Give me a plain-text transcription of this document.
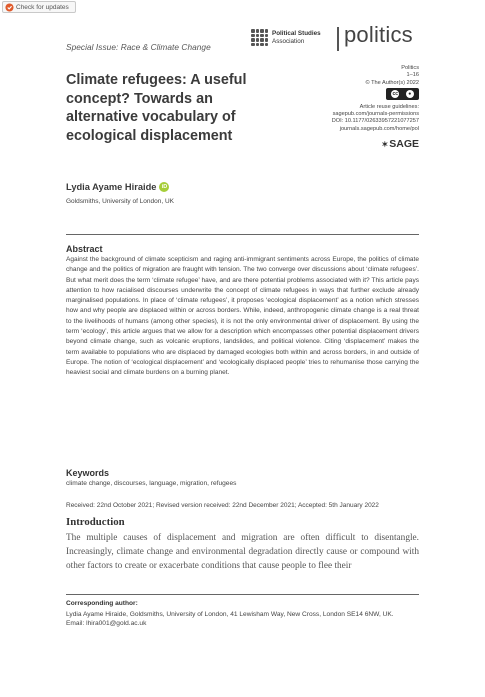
Check for updates
Special Issue: Race & Climate Change
Political Studies
Association	politics
Politics
1–16
© The Author(s) 2022
cc	●
Article reuse guidelines:
sagepub.com/journals-permissions
DOI: 10.1177/02633957221077257
journals.sagepub.com/home/pol
✶ SAGE
Climate refugees: A useful concept? Towards an alternative vocabulary of ecological displacement
Lydia Ayame Hiraide iD
Goldsmiths, University of London, UK
Abstract
Against the background of climate scepticism and raging anti-immigrant sentiments across Europe, the politics of climate change and the politics of migration are fraught with tension. The two converge over discussions about ‘climate refugees’. But what merit does the term ‘climate refugee’ have, and are there potential problems associated with it? This article pays attention to how racialised discourses underwrite the concept of climate refugees in ways that further exclude already marginalised populations. In place of ‘climate refugees’, it proposes ‘ecological displacement’ as a notion which stresses how and why people are displaced within or across borders. While, indeed, anthropogenic climate change is a real threat to the livelihoods of humans (among other species), it is not the only environmental driver of displacement. By using the term ‘ecology’, this article argues that we allow for a description which encompasses other potential displacement drivers beyond climate change, such as volcanic eruptions, landslides, and political violence. Citing ‘displacement’ makes the term available to populations who are displaced by damaged ecologies both within and across borders, in and outside of Europe. The notion of ‘ecological displacement’ and ‘ecologically displaced people’ tries to rehumanise those carrying the heaviest social and climate burdens on a burning planet.
Keywords
climate change, discourses, language, migration, refugees
Received: 22nd October 2021; Revised version received: 22nd December 2021; Accepted: 5th January 2022
Introduction
The multiple causes of displacement and migration are often difficult to disentangle. Increasingly, climate change and environmental degradation directly cause or compound with other factors to create or exacerbate conditions that cause people to flee their
Corresponding author:
Lydia Ayame Hiraide, Goldsmiths, University of London, 41 Lewisham Way, New Cross, London SE14 6NW, UK.
Email: lhira001@gold.ac.uk
